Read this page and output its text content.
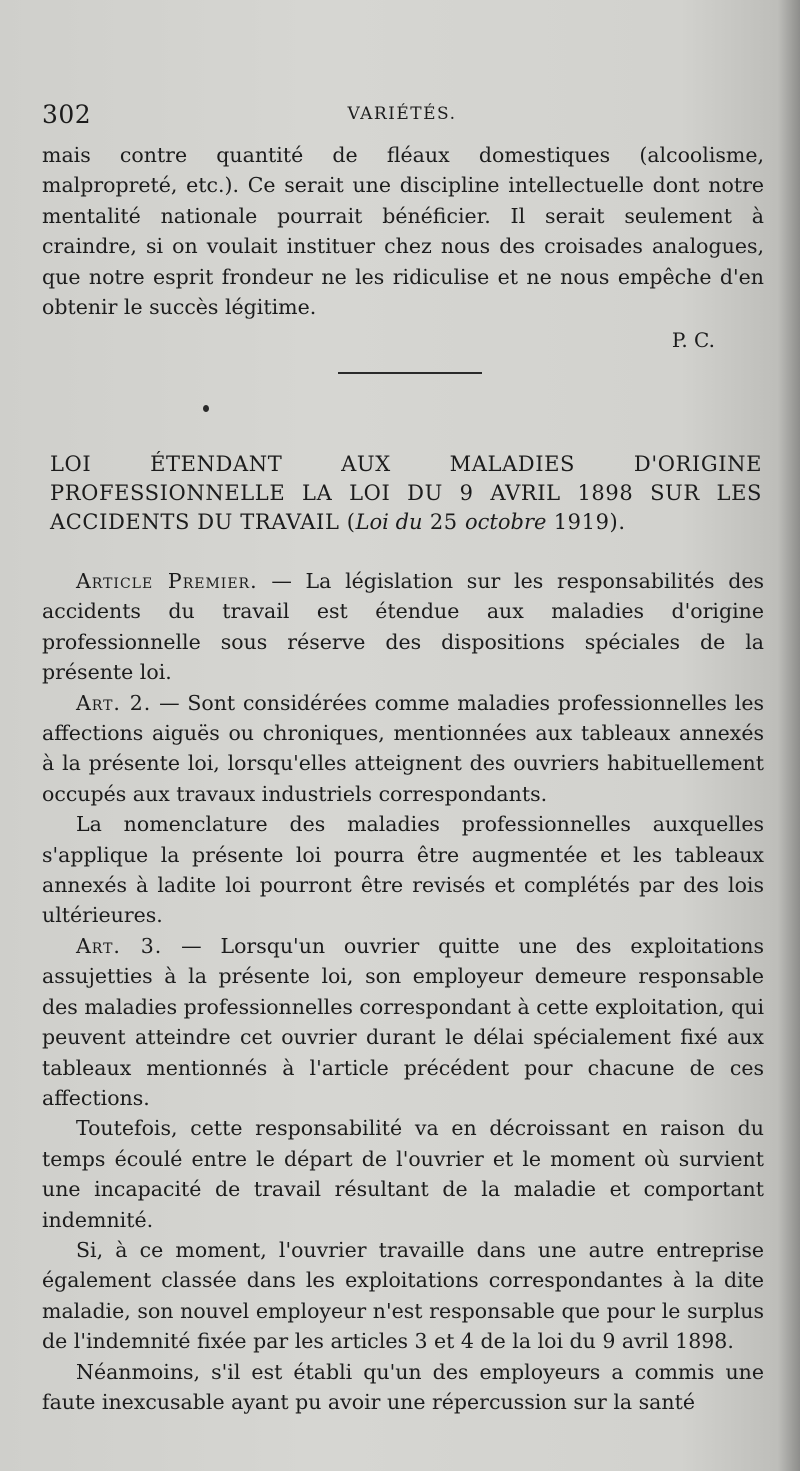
302	VARIÉTÉS.

mais contre quantité de fléaux domestiques (alcoolisme, malpropreté, etc.). Ce serait une discipline intellectuelle dont notre mentalité nationale pourrait bénéficier. Il serait seulement à craindre, si on voulait instituer chez nous des croisades analogues, que notre esprit frondeur ne les ridiculise et ne nous empêche d'en obtenir le succès légitime.

P. C.

LOI ÉTENDANT AUX MALADIES D'ORIGINE PROFESSIONNELLE LA LOI DU 9 AVRIL 1898 SUR LES ACCIDENTS DU TRAVAIL (Loi du 25 octobre 1919).

Article Premier. — La législation sur les responsabilités des accidents du travail est étendue aux maladies d'origine professionnelle sous réserve des dispositions spéciales de la présente loi.

Art. 2. — Sont considérées comme maladies professionnelles les affections aiguës ou chroniques, mentionnées aux tableaux annexés à la présente loi, lorsqu'elles atteignent des ouvriers habituellement occupés aux travaux industriels correspondants.

La nomenclature des maladies professionnelles auxquelles s'applique la présente loi pourra être augmentée et les tableaux annexés à ladite loi pourront être revisés et complétés par des lois ultérieures.

Art. 3. — Lorsqu'un ouvrier quitte une des exploitations assujetties à la présente loi, son employeur demeure responsable des maladies professionnelles correspondant à cette exploitation, qui peuvent atteindre cet ouvrier durant le délai spécialement fixé aux tableaux mentionnés à l'article précédent pour chacune de ces affections.

Toutefois, cette responsabilité va en décroissant en raison du temps écoulé entre le départ de l'ouvrier et le moment où survient une incapacité de travail résultant de la maladie et comportant indemnité.

Si, à ce moment, l'ouvrier travaille dans une autre entreprise également classée dans les exploitations correspondantes à la dite maladie, son nouvel employeur n'est responsable que pour le surplus de l'indemnité fixée par les articles 3 et 4 de la loi du 9 avril 1898.

Néanmoins, s'il est établi qu'un des employeurs a commis une faute inexcusable ayant pu avoir une répercussion sur la santé
